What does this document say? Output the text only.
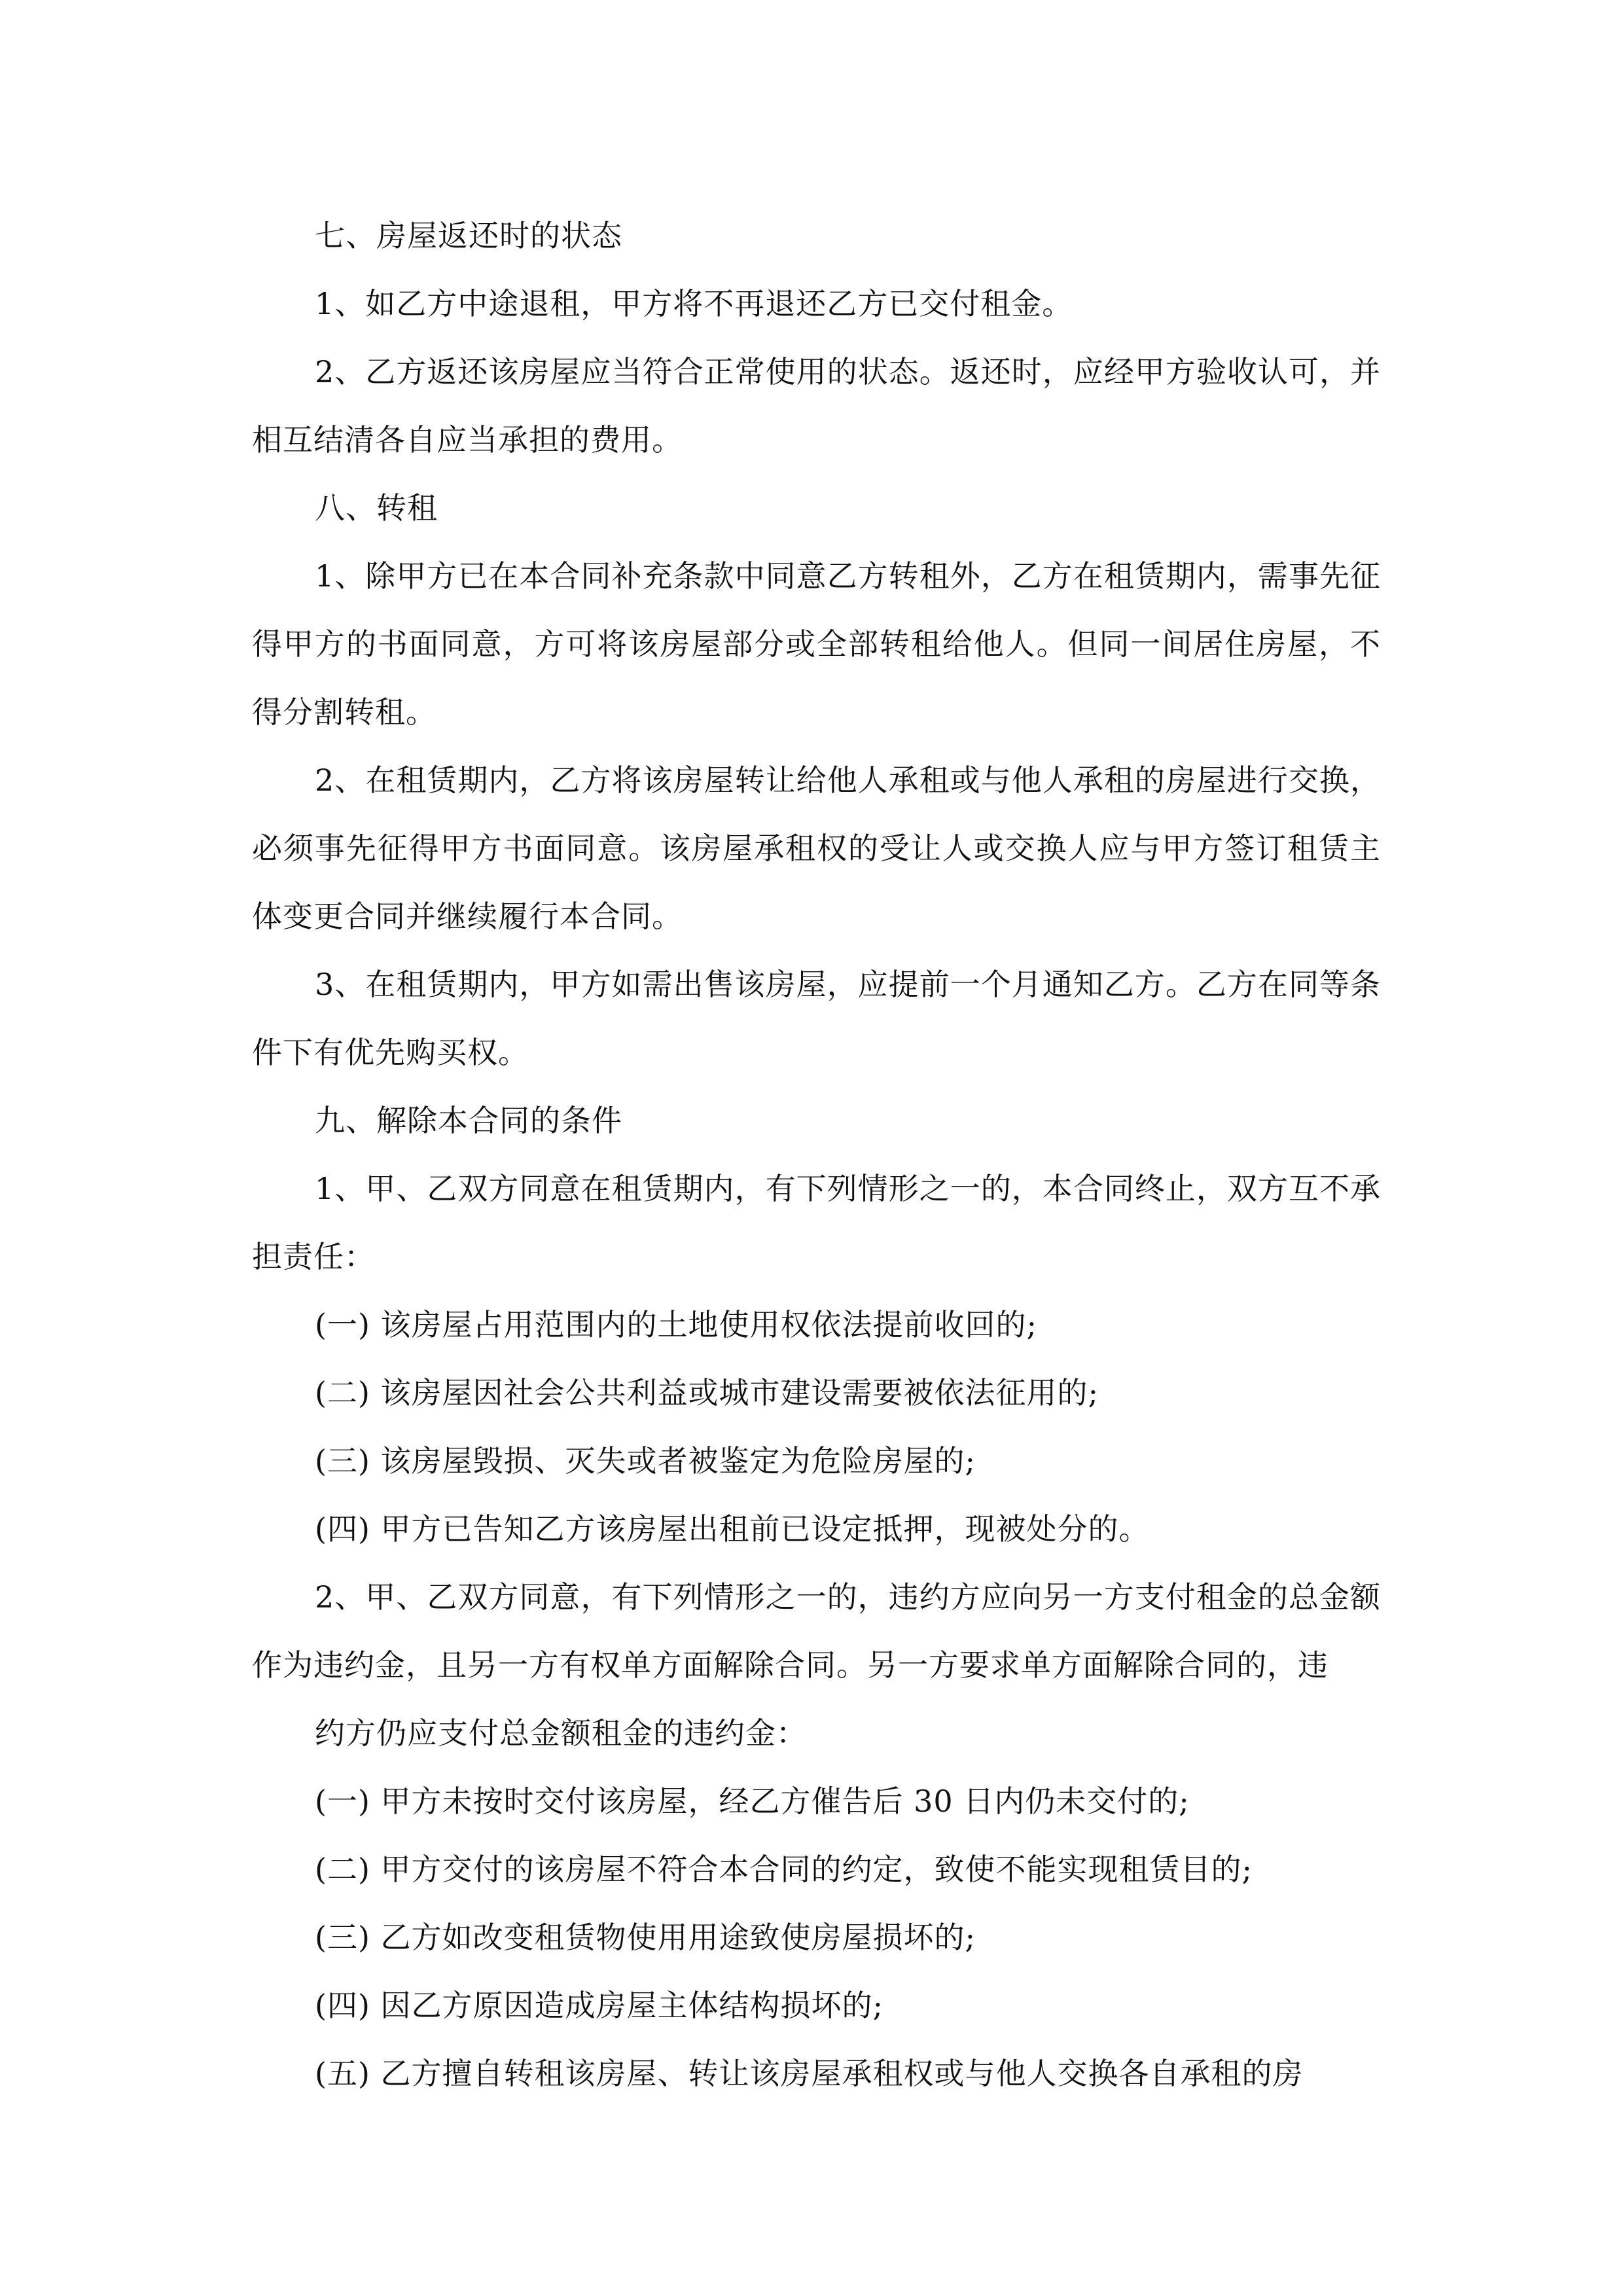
七、房屋返还时的状态

1、如乙方中途退租，甲方将不再退还乙方已交付租金。

2、乙方返还该房屋应当符合正常使用的状态。返还时，应经甲方验收认可，并相互结清各自应当承担的费用。

八、转租

1、除甲方已在本合同补充条款中同意乙方转租外，乙方在租赁期内，需事先征得甲方的书面同意，方可将该房屋部分或全部转租给他人。但同一间居住房屋，不得分割转租。

2、在租赁期内，乙方将该房屋转让给他人承租或与他人承租的房屋进行交换，必须事先征得甲方书面同意。该房屋承租权的受让人或交换人应与甲方签订租赁主体变更合同并继续履行本合同。

3、在租赁期内，甲方如需出售该房屋，应提前一个月通知乙方。乙方在同等条件下有优先购买权。

九、解除本合同的条件

1、甲、乙双方同意在租赁期内，有下列情形之一的，本合同终止，双方互不承担责任：

(一) 该房屋占用范围内的土地使用权依法提前收回的;

(二) 该房屋因社会公共利益或城市建设需要被依法征用的;

(三) 该房屋毁损、灭失或者被鉴定为危险房屋的;

(四) 甲方已告知乙方该房屋出租前已设定抵押，现被处分的。

2、甲、乙双方同意，有下列情形之一的，违约方应向另一方支付租金的总金额作为违约金，且另一方有权单方面解除合同。另一方要求单方面解除合同的，违

约方仍应支付总金额租金的违约金：

(一) 甲方未按时交付该房屋，经乙方催告后 30 日内仍未交付的;

(二) 甲方交付的该房屋不符合本合同的约定，致使不能实现租赁目的;

(三) 乙方如改变租赁物使用用途致使房屋损坏的;

(四) 因乙方原因造成房屋主体结构损坏的;

(五) 乙方擅自转租该房屋、转让该房屋承租权或与他人交换各自承租的房
